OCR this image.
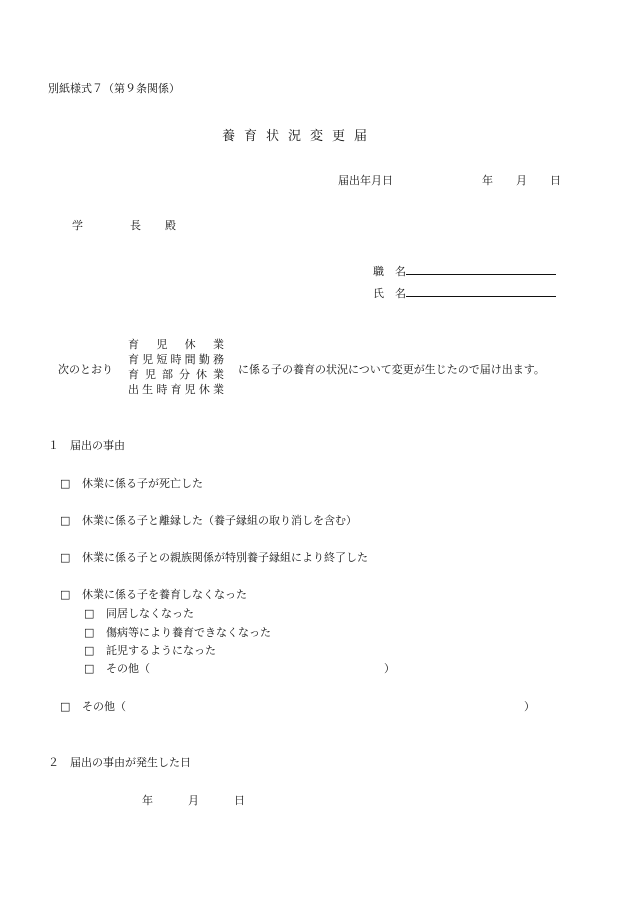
別紙様式７（第９条関係）
養育状況変更届
届出年月日	年 月 日
学	長 殿
職　名
氏　名
次のとおり
育児休業
育児短時間勤務
育児部分休業
出生時育児休業
に係る子の養育の状況について変更が生じたので届け出ます。
１　届出の事由
□ 休業に係る子が死亡した
□ 休業に係る子と離縁した（養子縁組の取り消しを含む）
□ 休業に係る子との親族関係が特別養子縁組により終了した
□ 休業に係る子を養育しなくなった
□ 同居しなくなった
□ 傷病等により養育できなくなった
□ 託児するようになった
□ その他（	）
□ その他（	）
２　届出の事由が発生した日
年	月	日
